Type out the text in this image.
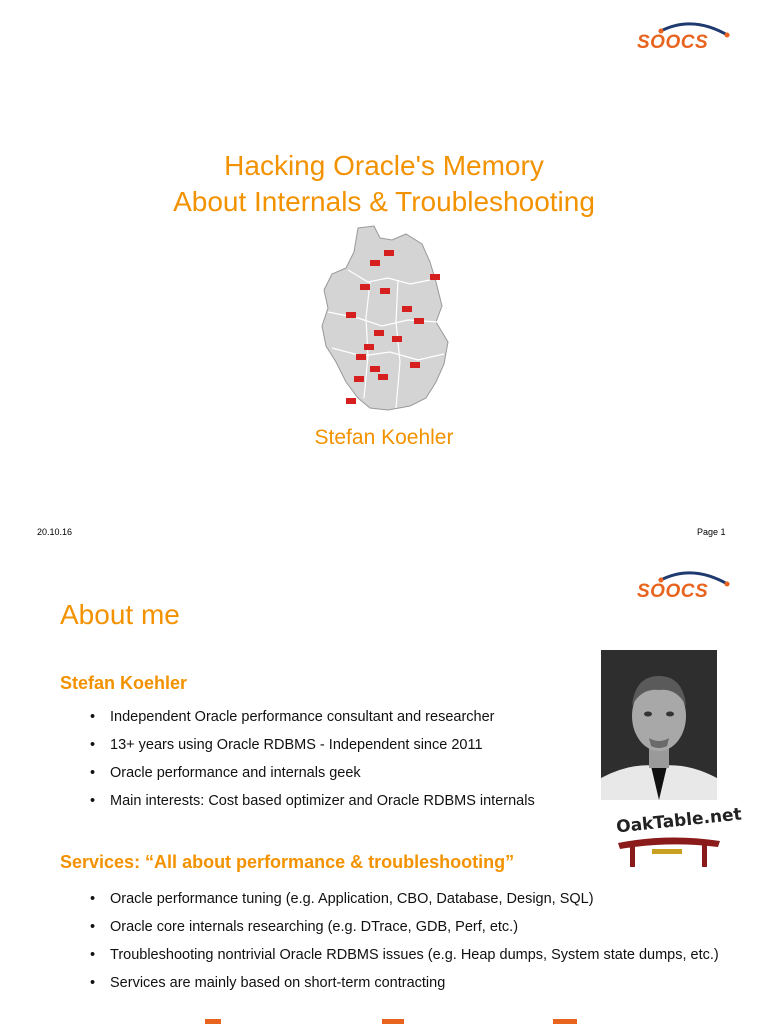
SOOCS
Hacking Oracle's Memory
About Internals & Troubleshooting
Stefan Koehler
20.10.16	Page 1
SOOCS
About me
Stefan Koehler
• Independent Oracle performance consultant and researcher
• 13+ years using Oracle RDBMS - Independent since 2011
• Oracle performance and internals geek
• Main interests: Cost based optimizer and Oracle RDBMS internals
OakTable.net
Services: “All about performance & troubleshooting”
• Oracle performance tuning (e.g. Application, CBO, Database, Design, SQL)
• Oracle core internals researching (e.g. DTrace, GDB, Perf, etc.)
• Troubleshooting nontrivial Oracle RDBMS issues (e.g. Heap dumps, System state dumps, etc.)
• Services are mainly based on short-term contracting
